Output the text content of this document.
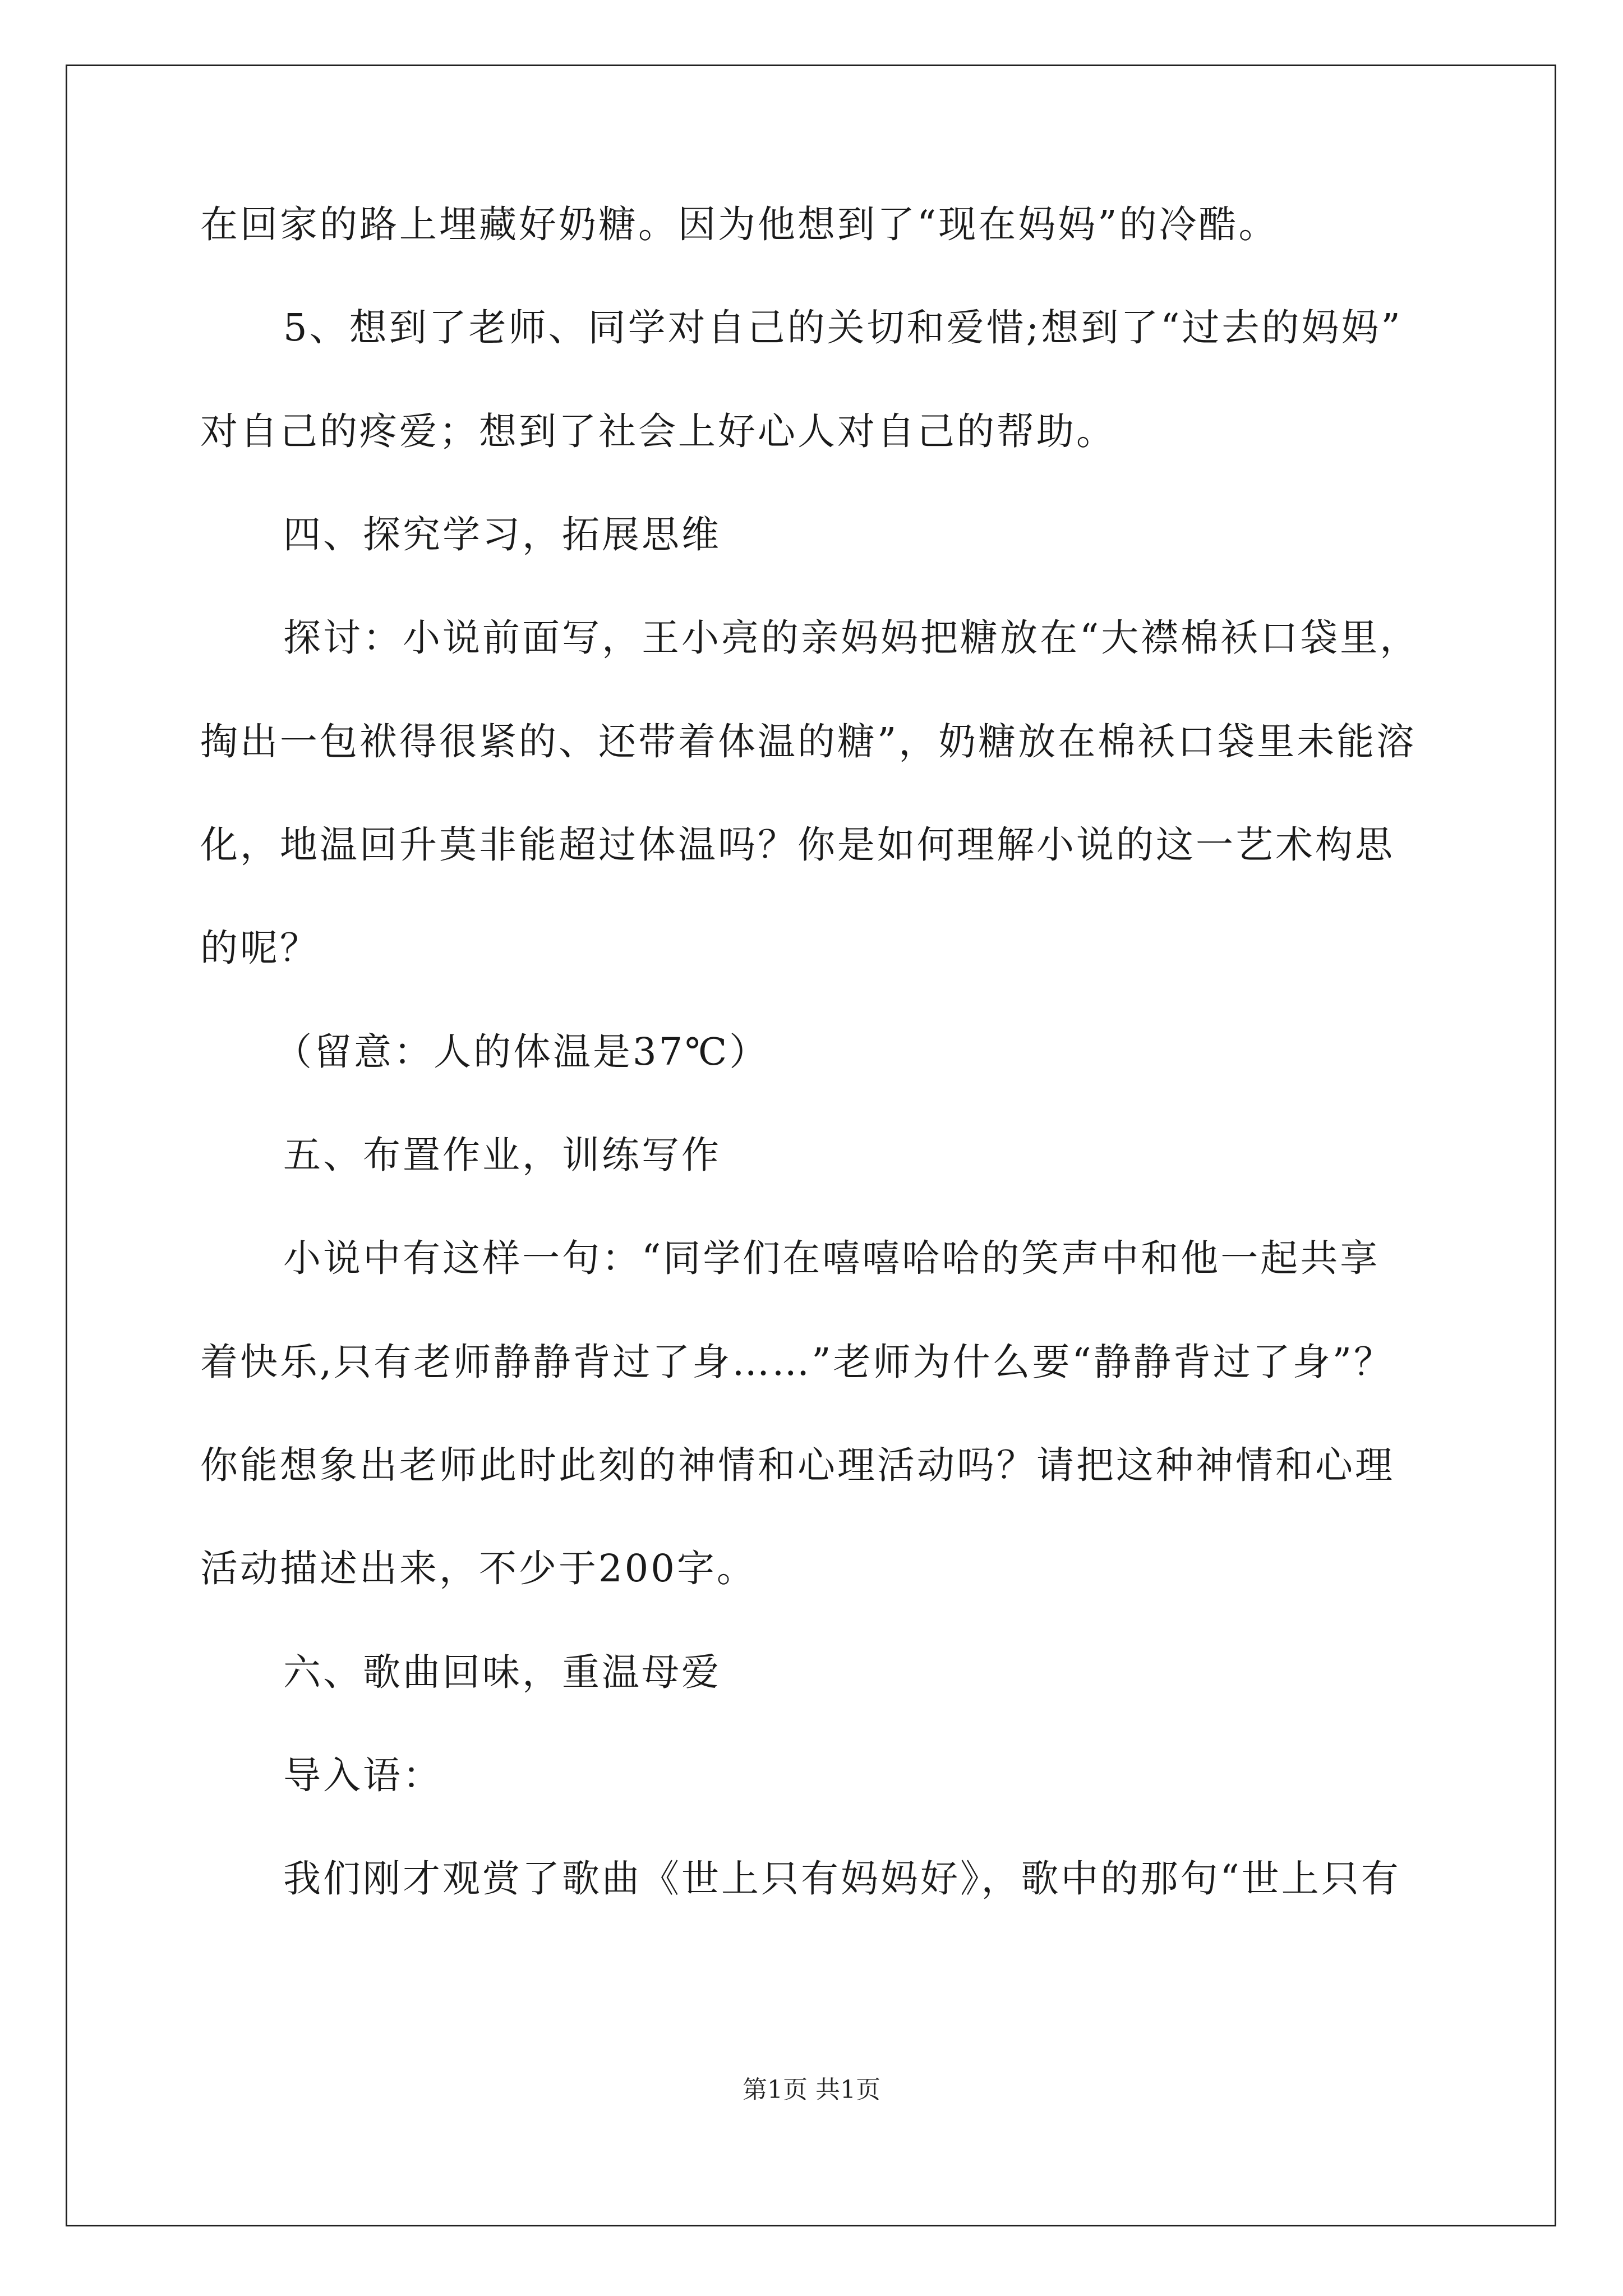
在回家的路上埋藏好奶糖。因为他想到了“现在妈妈”的冷酷。
5、想到了老师、同学对自己的关切和爱惜;想到了“过去的妈妈”
对自己的疼爱；想到了社会上好心人对自己的帮助。
四、探究学习，拓展思维
探讨：小说前面写，王小亮的亲妈妈把糖放在“大襟棉袄口袋里，
掏出一包袱得很紧的、还带着体温的糖”，奶糖放在棉袄口袋里未能溶
化，地温回升莫非能超过体温吗？你是如何理解小说的这一艺术构思
的呢？
（留意：人的体温是37℃）
五、布置作业，训练写作
小说中有这样一句：“同学们在嘻嘻哈哈的笑声中和他一起共享
着快乐,只有老师静静背过了身……”老师为什么要“静静背过了身”？
你能想象出老师此时此刻的神情和心理活动吗？请把这种神情和心理
活动描述出来，不少于200字。
六、歌曲回味，重温母爱
导入语：
我们刚才观赏了歌曲《世上只有妈妈好》，歌中的那句“世上只有
第1页 共1页
